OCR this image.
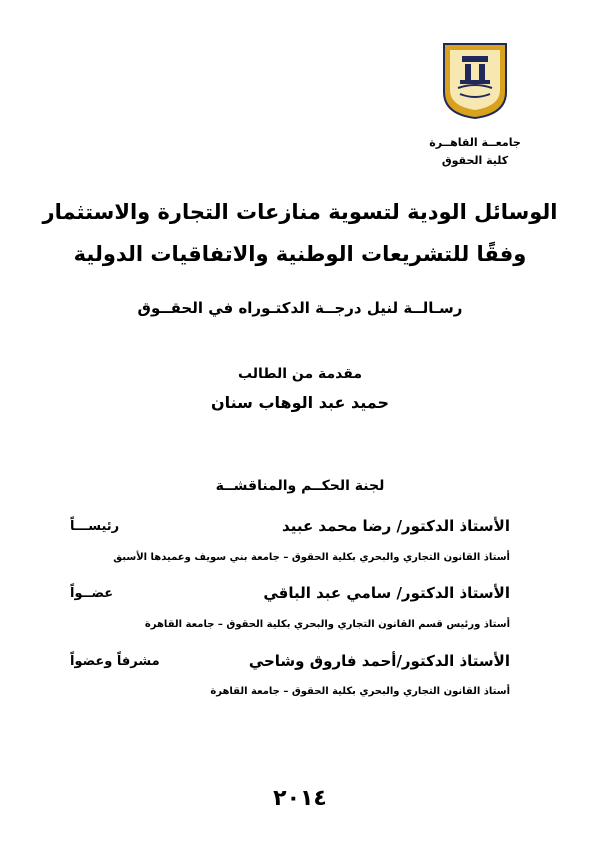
جامعــة القاهــرة
كلية الحقوق
الوسائل الودية لتسوية منازعات التجارة والاستثمار
وفقًا للتشريعات الوطنية والاتفاقيات الدولية
رسـالــة لنيل درجــة الدكتـوراه في الحقــوق
مقدمة من الطالب
حميد عبد الوهاب سنان
لجنة الحكــم والمناقشــة
الأستاذ الدكتور/ رضا محمد عبيد
رئيســـاً
أستاذ القانون التجاري والبحري بكلية الحقوق – جامعة بني سويف وعميدها الأسبق
الأستاذ الدكتور/ سامي عبد الباقي
عضــواً
أستاذ ورئيس قسم القانون التجاري والبحري بكلية الحقوق – جامعة القاهرة
الأستاذ الدكتور/أحمد فاروق وشاحي
مشرفاً وعضواً
أستاذ القانون التجاري والبحري بكلية الحقوق – جامعة القاهرة
٢٠١٤
